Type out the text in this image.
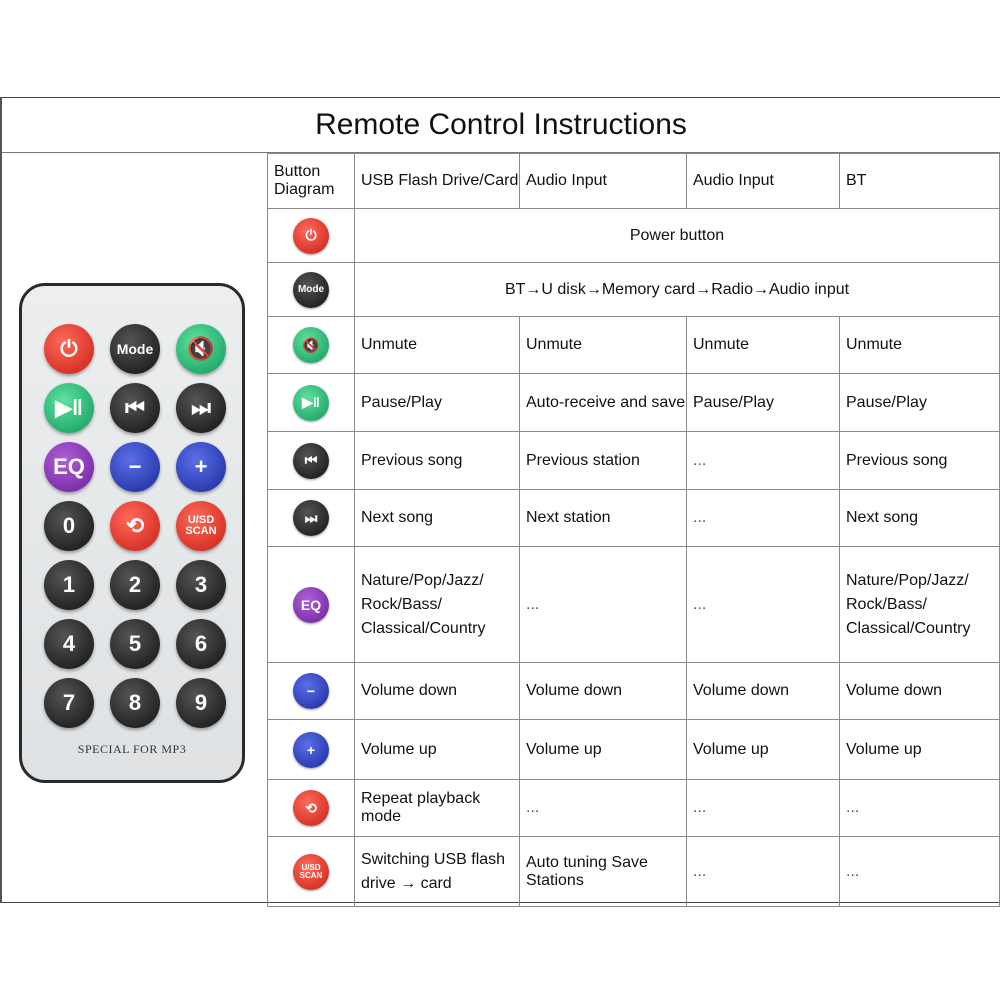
Remote Control Instructions
SPECIAL FOR MP3
⏻	Mode	🔇
▶‖	⏮	⏭
EQ	−	+
0	⟲	U/SD SCAN
1	2	3
4	5	6
7	8	9
Button Diagram	USB Flash Drive/Card	Audio Input	Audio Input	BT
⏻	Power button			
Mode	BT→U disk→Memory card→Radio→Audio input			
🔇	Unmute	Unmute	Unmute	Unmute
▶‖	Pause/Play	Auto-receive and save	Pause/Play	Pause/Play
⏮	Previous song	Previous station	...	Previous song
⏭	Next song	Next station	...	Next song
EQ	Nature/Pop/Jazz/ Rock/Bass/ Classical/Country	...	...	Nature/Pop/Jazz/ Rock/Bass/ Classical/Country
−	Volume down	Volume down	Volume down	Volume down
+	Volume up	Volume up	Volume up	Volume up
⟲	Repeat playback mode	...	...	...
U/SD SCAN	Switching USB flash drive → card	Auto tuning Save Stations	...	...
